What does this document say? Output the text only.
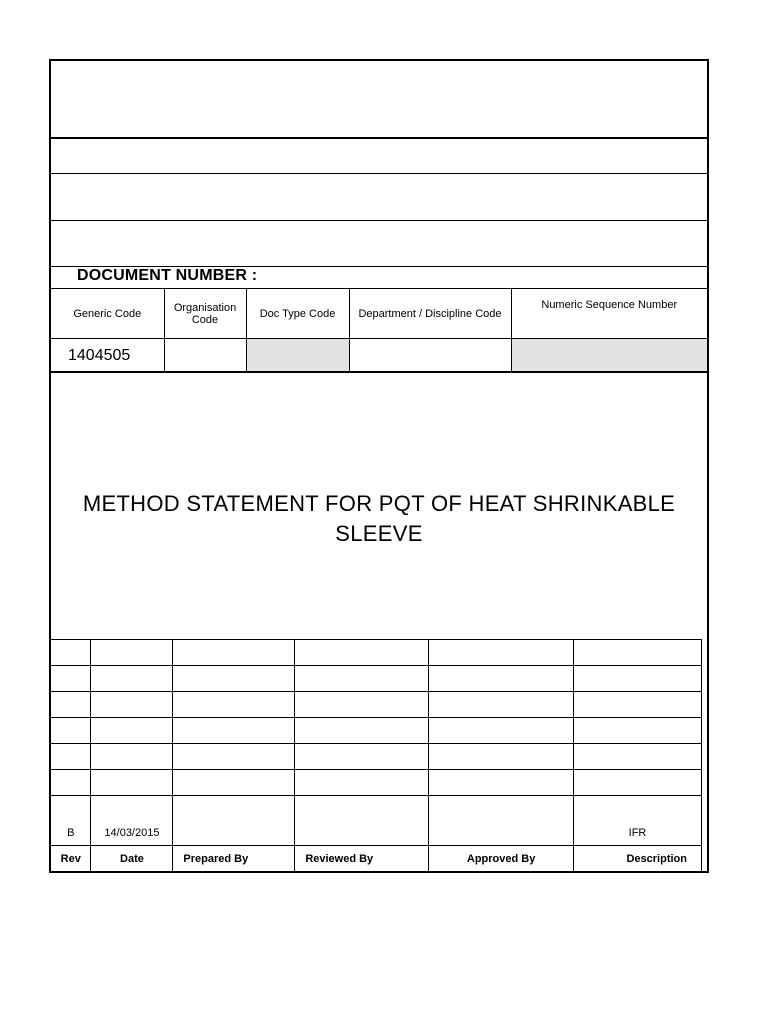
DOCUMENT NUMBER :
Generic Code	Organisation Code	Doc Type Code	Department / Discipline Code	Numeric Sequence Number
1404505				
METHOD STATEMENT FOR PQT OF HEAT SHRINKABLE SLEEVE

B	14/03/2015				IFR
Rev	Date	Prepared By	Reviewed By	Approved By	Description
